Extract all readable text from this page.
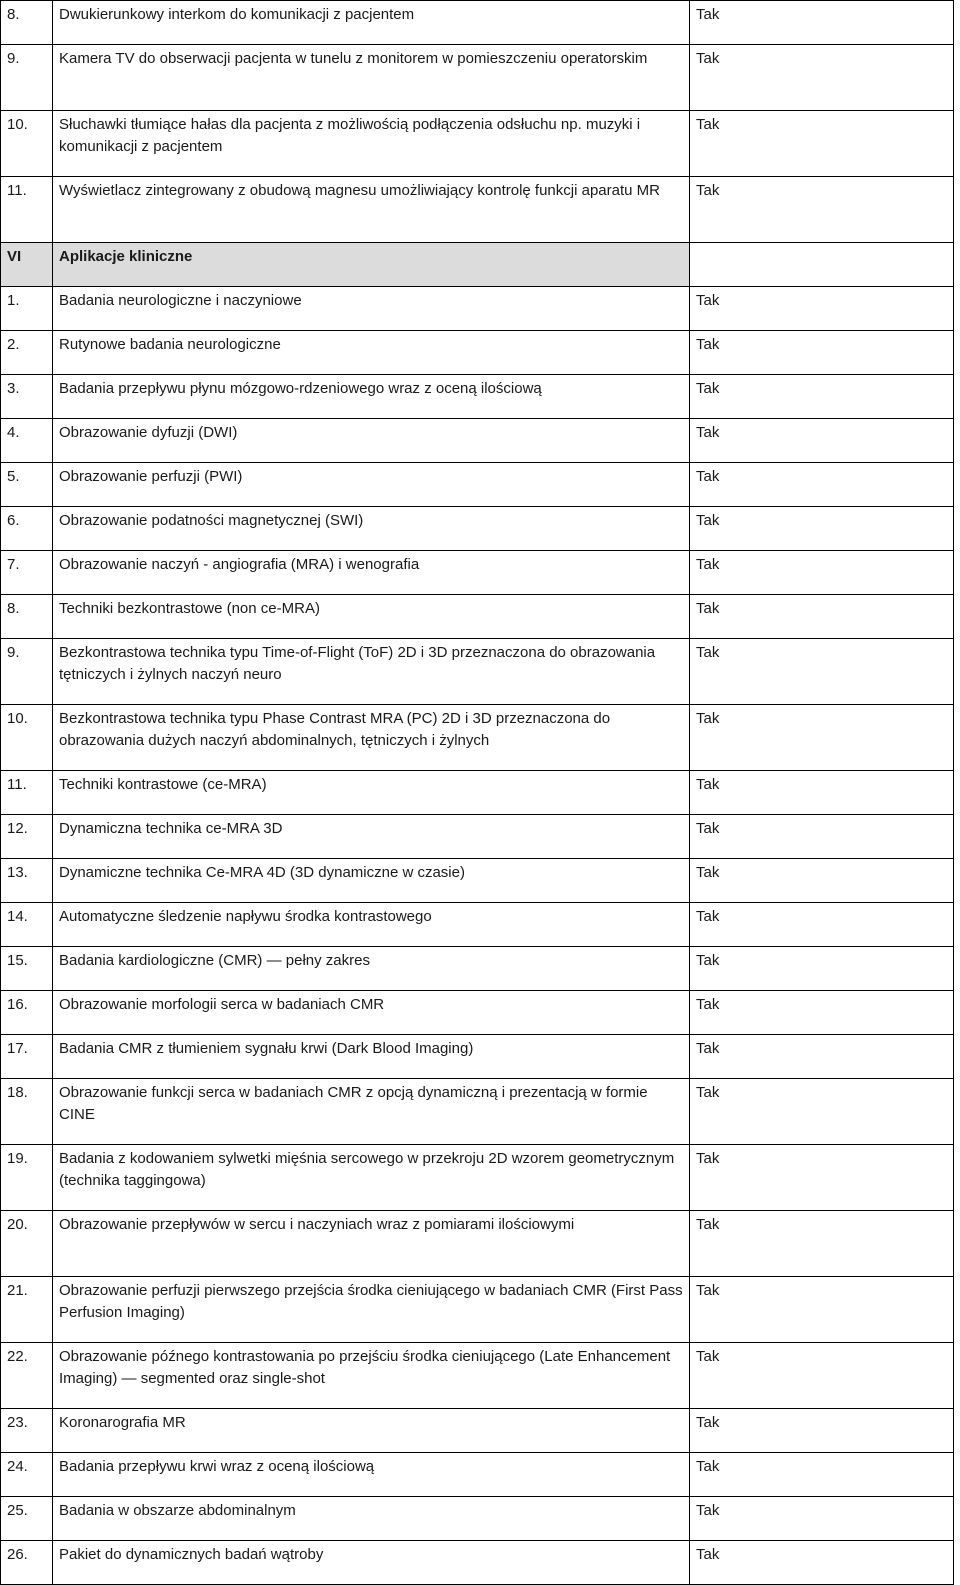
8.	Dwukierunkowy interkom do komunikacji z pacjentem	Tak
9.	Kamera TV do obserwacji pacjenta w tunelu z monitorem w pomieszczeniu operatorskim	Tak
10.	Słuchawki tłumiące hałas dla pacjenta z możliwością podłączenia odsłuchu np. muzyki i komunikacji z pacjentem	Tak
11.	Wyświetlacz zintegrowany z obudową magnesu umożliwiający kontrolę funkcji aparatu MR	Tak
VI	Aplikacje kliniczne	
1.	Badania neurologiczne i naczyniowe	Tak
2.	Rutynowe badania neurologiczne	Tak
3.	Badania przepływu płynu mózgowo-rdzeniowego wraz z oceną ilościową	Tak
4.	Obrazowanie dyfuzji (DWI)	Tak
5.	Obrazowanie perfuzji (PWI)	Tak
6.	Obrazowanie podatności magnetycznej (SWI)	Tak
7.	Obrazowanie naczyń - angiografia (MRA) i wenografia	Tak
8.	Techniki bezkontrastowe (non ce-MRA)	Tak
9.	Bezkontrastowa technika typu Time-of-Flight (ToF) 2D i 3D przeznaczona do obrazowania tętniczych i żylnych naczyń neuro	Tak
10.	Bezkontrastowa technika typu Phase Contrast MRA (PC) 2D i 3D przeznaczona do obrazowania dużych naczyń abdominalnych, tętniczych i żylnych	Tak
11.	Techniki kontrastowe (ce-MRA)	Tak
12.	Dynamiczna technika ce-MRA 3D	Tak
13.	Dynamiczne technika Ce-MRA 4D (3D dynamiczne w czasie)	Tak
14.	Automatyczne śledzenie napływu środka kontrastowego	Tak
15.	Badania kardiologiczne (CMR) — pełny zakres	Tak
16.	Obrazowanie morfologii serca w badaniach CMR	Tak
17.	Badania CMR z tłumieniem sygnału krwi (Dark Blood Imaging)	Tak
18.	Obrazowanie funkcji serca w badaniach CMR z opcją dynamiczną i prezentacją w formie CINE	Tak
19.	Badania z kodowaniem sylwetki mięśnia sercowego w przekroju 2D wzorem geometrycznym (technika taggingowa)	Tak
20.	Obrazowanie przepływów w sercu i naczyniach wraz z pomiarami ilościowymi	Tak
21.	Obrazowanie perfuzji pierwszego przejścia środka cieniującego w badaniach CMR (First Pass Perfusion Imaging)	Tak
22.	Obrazowanie późnego kontrastowania po przejściu środka cieniującego (Late Enhancement Imaging) — segmented oraz single-shot	Tak
23.	Koronarografia MR	Tak
24.	Badania przepływu krwi wraz z oceną ilościową	Tak
25.	Badania w obszarze abdominalnym	Tak
26.	Pakiet do dynamicznych badań wątroby	Tak
